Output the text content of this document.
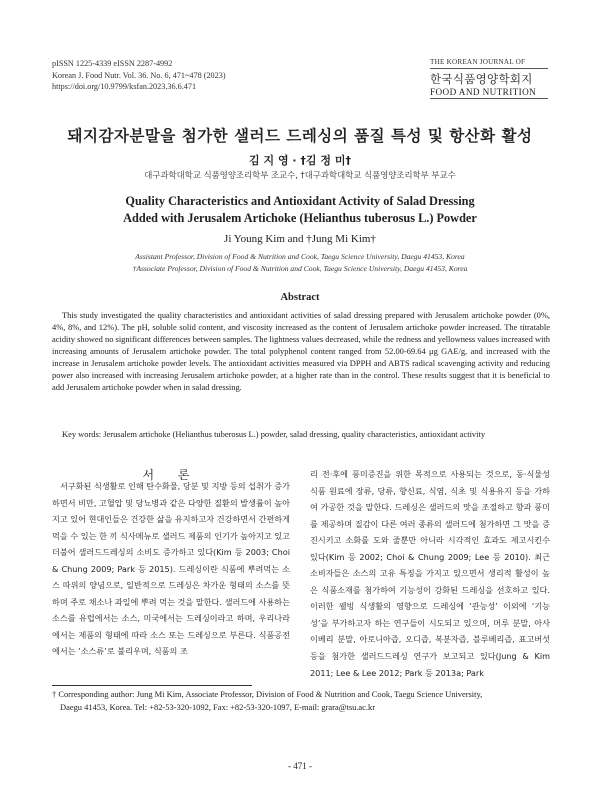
pISSN 1225-4339 eISSN 2287-4992
Korean J. Food Nutr. Vol. 36. No. 6, 471~478 (2023)
https://doi.org/10.9799/ksfan.2023.36.6.471
THE KOREAN JOURNAL OF
한국식품영양학회지
FOOD AND NUTRITION
돼지감자분말을 첨가한 샐러드 드레싱의 품질 특성 및 항산화 활성
김 지 영 · †김 정 미†
대구과학대학교 식품영양조리학부 조교수, †대구과학대학교 식품영양조리학부 부교수
Quality Characteristics and Antioxidant Activity of Salad Dressing
Added with Jerusalem Artichoke (Helianthus tuberosus L.) Powder
Ji Young Kim and †Jung Mi Kim†
Assistant Professor, Division of Food & Nutrition and Cook, Taegu Science University, Daegu 41453, Korea
†Associate Professor, Division of Food & Nutrition and Cook, Taegu Science University, Daegu 41453, Korea
Abstract
This study investigated the quality characteristics and antioxidant activities of salad dressing prepared with Jerusalem artichoke powder (0%, 4%, 8%, and 12%). The pH, soluble solid content, and viscosity increased as the content of Jerusalem artichoke powder increased. The titratable acidity showed no significant differences between samples. The lightness values decreased, while the redness and yellowness values increased with increasing amounts of Jerusalem artichoke powder. The total polyphenol content ranged from 52.00-69.64 μg GAE/g, and increased with the increase in Jerusalem artichoke powder levels. The antioxidant activities measured via DPPH and ABTS radical scavenging activity and reducing power also increased with increasing Jerusalem artichoke powder, at a higher rate than in the control. These results suggest that it is beneficial to add Jerusalem artichoke powder when in salad dressing.
Key words: Jerusalem artichoke (Helianthus tuberosus L.) powder, salad dressing, quality characteristics, antioxidant activity
서 론
서구화된 식생활로 인해 탄수화물, 당분 및 지방 등의 섭취가 증가하면서 비만, 고혈압 및 당뇨병과 같은 다양한 질환의 발생률이 높아지고 있어 현대인들은 건강한 삶을 유지하고자 건강하면서 간편하게 먹을 수 있는 한 끼 식사메뉴로 샐러드 제품의 인기가 높아지고 있고 더불어 샐러드드레싱의 소비도 증가하고 있다(Kim 등 2003; Choi & Chung 2009; Park 등 2015). 드레싱이란 식품에 뿌려먹는 소스 따위의 양념으로, 일반적으로 드레싱은 차가운 형태의 소스를 뜻하며 주로 채소나 과일에 뿌려 먹는 것을 말한다. 샐러드에 사용하는 소스를 유럽에서는 소스, 미국에서는 드레싱이라고 하며, 우리나라에서는 제품의 형태에 따라 소스 또는 드레싱으로 부른다. 식품공전에서는 ‘소스류’로 불리우며, 식품의 조
리 전·후에 풍미증진을 위한 목적으로 사용되는 것으로, 동·식물성 식품 원료에 장류, 당류, 향신료, 식염, 식초 및 식용유지 등을 가하여 가공한 것을 말한다. 드레싱은 샐러드의 맛을 조절하고 향과 풍미를 제공하며 질감이 다른 여러 종류의 샐러드에 첨가하면 그 맛을 증진시키고 소화를 도와 줄뿐만 아니라 시각적인 효과도 제고시킨수 있다(Kim 등 2002; Choi & Chung 2009; Lee 등 2010). 최근 소비자들은 소스의 고유 특징을 가지고 있으면서 생리적 활성이 높은 식품소재를 첨가하여 기능성이 강화된 드레싱을 선호하고 있다. 이러한 웰빙 식생활의 영향으로 드레싱에 ‘관능성’ 이외에 ‘기능성’을 부가하고자 하는 연구들이 시도되고 있으며, 머루 분말, 아사이베리 분말, 아로니아즙, 오디즙, 복분자즙, 블루베리즙, 표고버섯 등을 첨가한 샐러드드레싱 연구가 보고되고 있다(Jung & Kim 2011; Lee & Lee 2012; Park 등 2013a; Park
† Corresponding author: Jung Mi Kim, Associate Professor, Division of Food & Nutrition and Cook, Taegu Science University,
Daegu 41453, Korea. Tel: +82-53-320-1092, Fax: +82-53-320-1097, E-mail: grara@tsu.ac.kr
- 471 -
